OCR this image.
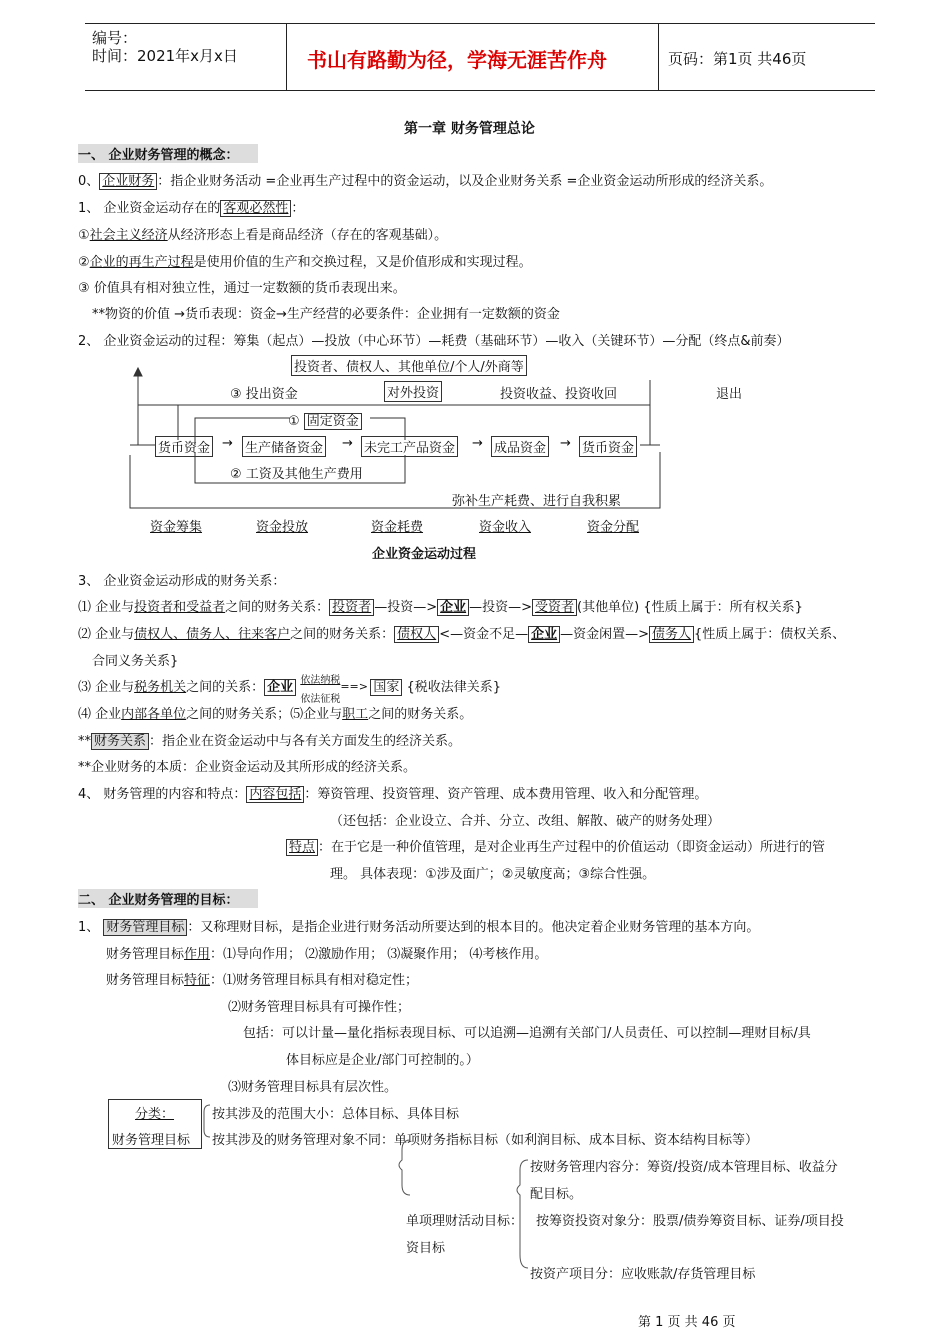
编号：
时间：2021年x月x日	书山有路勤为径，学海无涯苦作舟	页码：第1页 共46页
第一章 财务管理总论
一、 企业财务管理的概念：
0、 企业财务 ：指企业财务活动 =企业再生产过程中的资金运动，以及企业财务关系 =企业资金运动所形成的经济关系。
1、 企业资金运动存在的 客观必然性 ：
①社会主义经济从经济形态上看是商品经济（存在的客观基础）。
②企业的再生产过程是使用价值的生产和交换过程，又是价值形成和实现过程。
③ 价值具有相对独立性，通过一定数额的货币表现出来。
**物资的价值 →货币表现：资金→生产经营的必要条件：企业拥有一定数额的资金
2、 企业资金运动的过程：筹集（起点）—投放（中心环节）—耗费（基础环节）—收入（关键环节）—分配（终点&前奏）
投资者、债权人、其他单位/个人/外商等
③ 投出资金	对外投资	投资收益、投资收回	退出
① 固定资金
货币资金 → 生产储备资金 → 未完工产品资金 → 成品资金 → 货币资金
② 工资及其他生产费用
弥补生产耗费、进行自我积累
资金筹集	资金投放	资金耗费	资金收入	资金分配
企业资金运动过程
3、 企业资金运动形成的财务关系：
⑴ 企业与投资者和受益者之间的财务关系： 投资者 —投资—> 企业 —投资—> 受资者 (其他单位) {性质上属于：所有权关系}
⑵ 企业与债权人、债务人、往来客户之间的财务关系： 债权人 <—资金不足— 企业 —资金闲置—> 债务人 {性质上属于：债权关系、
合同义务关系}
⑶ 企业与税务机关之间的关系： 企业 依法纳税 ==>
依法征税
国家 {税收法律关系}
⑷ 企业内部各单位之间的财务关系；⑸企业与职工之间的财务关系。
** 财务关系 ：指企业在资金运动中与各有关方面发生的经济关系。
**企业财务的本质：企业资金运动及其所形成的经济关系。
4、 财务管理的内容和特点： 内容包括 ：筹资管理、投资管理、资产管理、成本费用管理、收入和分配管理。
（还包括：企业设立、合并、分立、改组、解散、破产的财务处理）
特点 ：在于它是一种价值管理，是对企业再生产过程中的价值运动（即资金运动）所进行的管
理。 具体表现：①涉及面广；②灵敏度高；③综合性强。
二、 企业财务管理的目标：
1、 财务管理目标 ：又称理财目标，是指企业进行财务活动所要达到的根本目的。他决定着企业财务管理的基本方向。
财务管理目标作用：⑴导向作用； ⑵激励作用； ⑶凝聚作用； ⑷考核作用。
财务管理目标特征：⑴财务管理目标具有相对稳定性；
⑵财务管理目标具有可操作性；
包括：可以计量—量化指标表现目标、可以追溯—追溯有关部门/人员责任、可以控制—理财目标/具
体目标应是企业/部门可控制的。）
⑶财务管理目标具有层次性。
分类：
财务管理目标
按其涉及的范围大小：总体目标、具体目标
按其涉及的财务管理对象不同：单项财务指标目标（如利润目标、成本目标、资本结构目标等）
按财务管理内容分：筹资/投资/成本管理目标、收益分
配目标。
单项理财活动目标： 按筹资投资对象分：股票/债券筹资目标、证券/项目投
资目标
按资产项目分：应收账款/存货管理目标
第 1 页 共 46 页
